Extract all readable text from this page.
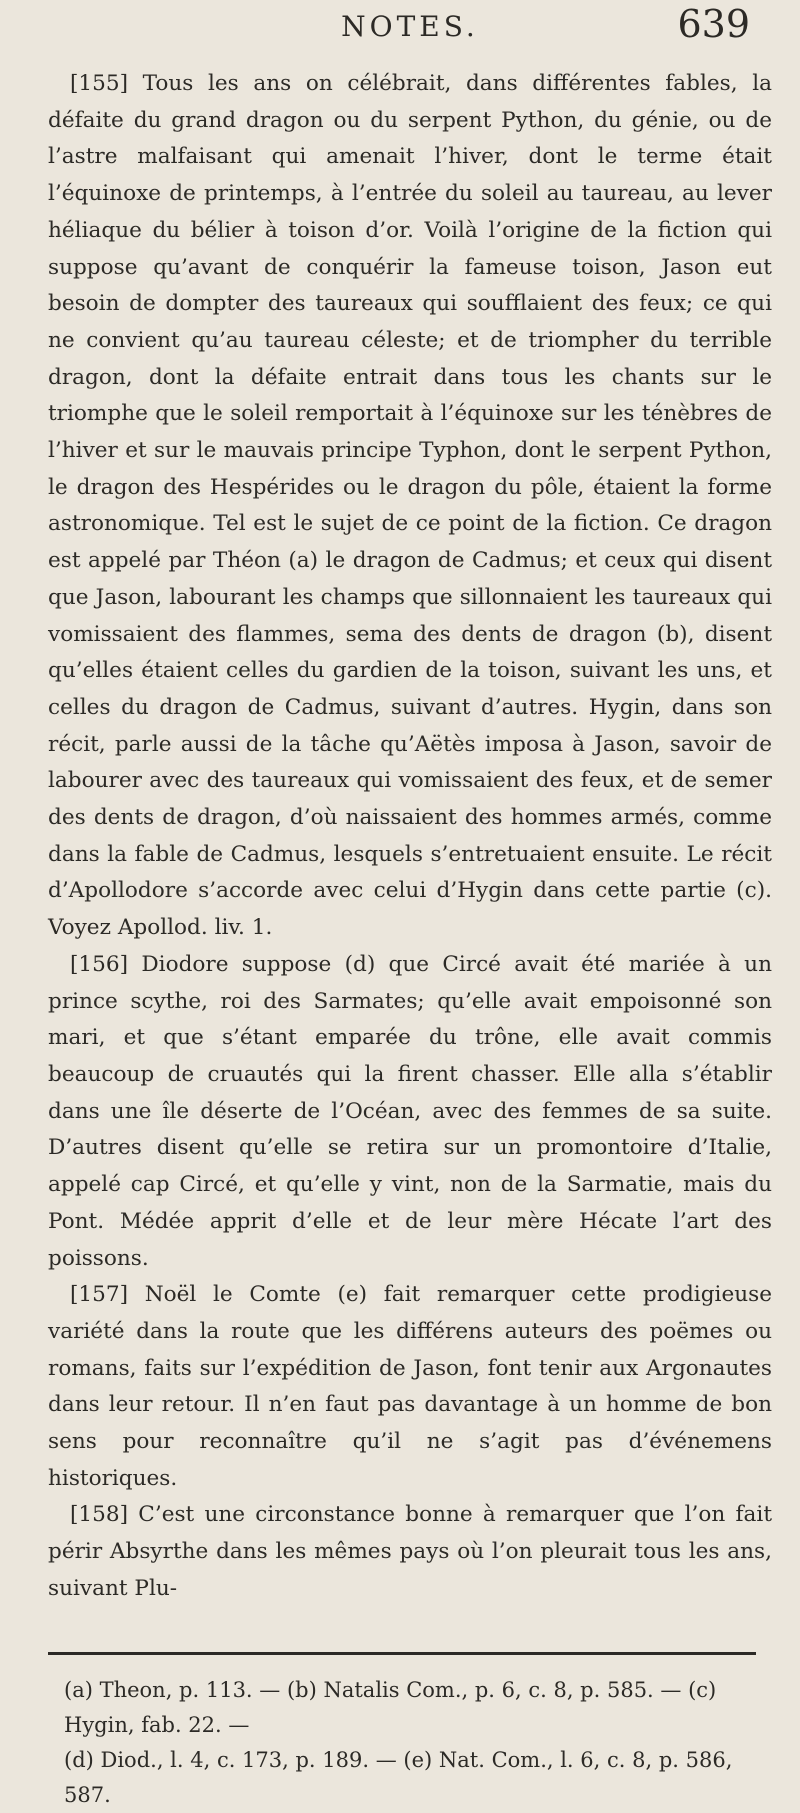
NOTES.	639

[155] Tous les ans on célébrait, dans différentes fables, la défaite du grand dragon ou du serpent Python, du génie, ou de l’astre malfaisant qui amenait l’hiver, dont le terme était l’équinoxe de printemps, à l’entrée du soleil au taureau, au lever héliaque du bélier à toison d’or. Voilà l’origine de la fiction qui suppose qu’avant de conquérir la fameuse toison, Jason eut besoin de dompter des taureaux qui soufflaient des feux; ce qui ne convient qu’au taureau céleste; et de triompher du terrible dragon, dont la défaite entrait dans tous les chants sur le triomphe que le soleil remportait à l’équinoxe sur les ténèbres de l’hiver et sur le mauvais principe Typhon, dont le serpent Python, le dragon des Hespérides ou le dragon du pôle, étaient la forme astronomique. Tel est le sujet de ce point de la fiction. Ce dragon est appelé par Théon (a) le dragon de Cadmus; et ceux qui disent que Jason, labourant les champs que sillonnaient les taureaux qui vomissaient des flammes, sema des dents de dragon (b), disent qu’elles étaient celles du gardien de la toison, suivant les uns, et celles du dragon de Cadmus, suivant d’autres. Hygin, dans son récit, parle aussi de la tâche qu’Aëtès imposa à Jason, savoir de labourer avec des taureaux qui vomissaient des feux, et de semer des dents de dragon, d’où naissaient des hommes armés, comme dans la fable de Cadmus, lesquels s’entretuaient ensuite. Le récit d’Apollodore s’accorde avec celui d’Hygin dans cette partie (c). Voyez Apollod. liv. 1.

[156] Diodore suppose (d) que Circé avait été mariée à un prince scythe, roi des Sarmates; qu’elle avait empoisonné son mari, et que s’étant emparée du trône, elle avait commis beaucoup de cruautés qui la firent chasser. Elle alla s’établir dans une île déserte de l’Océan, avec des femmes de sa suite. D’autres disent qu’elle se retira sur un promontoire d’Italie, appelé cap Circé, et qu’elle y vint, non de la Sarmatie, mais du Pont. Médée apprit d’elle et de leur mère Hécate l’art des poissons.

[157] Noël le Comte (e) fait remarquer cette prodigieuse variété dans la route que les différens auteurs des poëmes ou romans, faits sur l’expédition de Jason, font tenir aux Argonautes dans leur retour. Il n’en faut pas davantage à un homme de bon sens pour reconnaître qu’il ne s’agit pas d’événemens historiques.

[158] C’est une circonstance bonne à remarquer que l’on fait périr Absyrthe dans les mêmes pays où l’on pleurait tous les ans, suivant Plu-

(a) Theon, p. 113. — (b) Natalis Com., p. 6, c. 8, p. 585. — (c) Hygin, fab. 22. —

(d) Diod., l. 4, c. 173, p. 189. — (e) Nat. Com., l. 6, c. 8, p. 586, 587.
